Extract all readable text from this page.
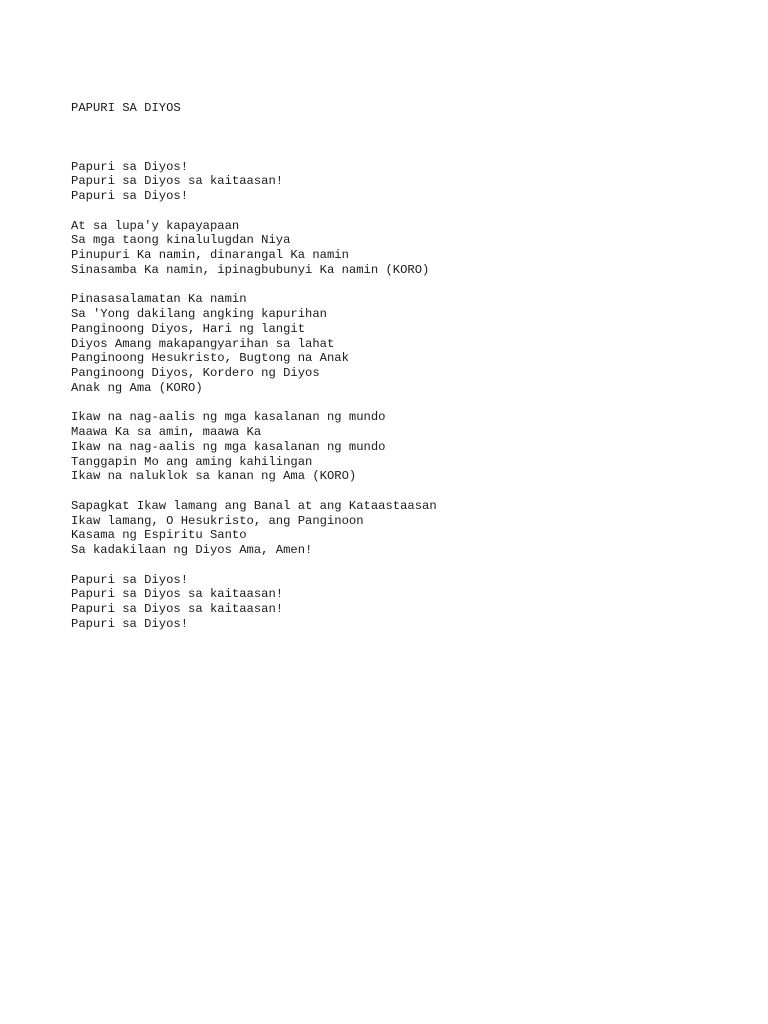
PAPURI SA DIYOS

Papuri sa Diyos!
Papuri sa Diyos sa kaitaasan!
Papuri sa Diyos!
At sa lupa'y kapayapaan
Sa mga taong kinalulugdan Niya
Pinupuri Ka namin, dinarangal Ka namin
Sinasamba Ka namin, ipinagbubunyi Ka namin (KORO)
Pinasasalamatan Ka namin
Sa 'Yong dakilang angking kapurihan
Panginoong Diyos, Hari ng langit
Diyos Amang makapangyarihan sa lahat
Panginoong Hesukristo, Bugtong na Anak
Panginoong Diyos, Kordero ng Diyos
Anak ng Ama (KORO)
Ikaw na nag-aalis ng mga kasalanan ng mundo
Maawa Ka sa amin, maawa Ka
Ikaw na nag-aalis ng mga kasalanan ng mundo
Tanggapin Mo ang aming kahilingan
Ikaw na naluklok sa kanan ng Ama (KORO)
Sapagkat Ikaw lamang ang Banal at ang Kataastaasan
Ikaw lamang, O Hesukristo, ang Panginoon
Kasama ng Espiritu Santo
Sa kadakilaan ng Diyos Ama, Amen!
Papuri sa Diyos!
Papuri sa Diyos sa kaitaasan!
Papuri sa Diyos sa kaitaasan!
Papuri sa Diyos!
